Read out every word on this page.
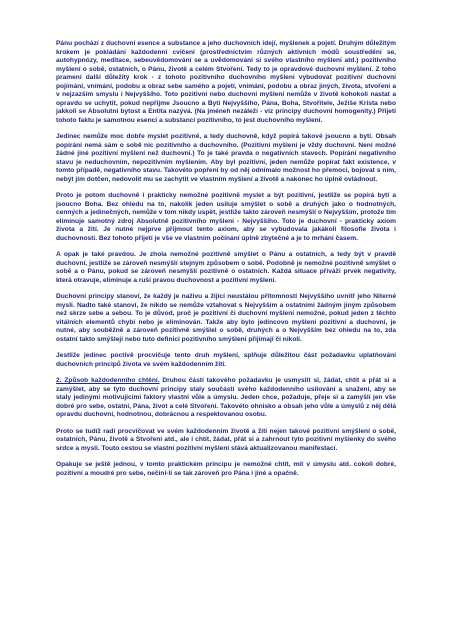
Pánu pochází z duchovní esence a substance a jeho duchovních idejí, myšlenek a pojetí. Druhým důležitým krokem je pokládání každodenní cvičení (prostřednictvím různých aktivních módů soustředění se, autohypnózy, meditace, sebeuvědomování se a uvědomování si svého vlastního myšlení atd.) pozitivního myšlení o sobě, ostatních, o Pánu, životě a celém Stvoření. Tedy to je opravdové duchovní myšlení. Z toho pramení další důležitý krok - z tohoto pozitivního duchovního myšlení vybudovat pozitivní duchovní pojímání, vnímání, podobu a obraz sebe samého a pojetí, vnímání, podobu a obraz jiných, života, stvoření a v nejzazším smyslu i Nejvyššího. Toto pozitivní nebo duchovní myšlení nemůže v životě kohokoli nastat a opravdu se uchytit, pokud nepřijme Jsoucno a Bytí Nejvyššího, Pána, Boha, Stvořitele, Ježíše Krista nebo jakkoli se Absolutní bytost a Entita nazývá. (Na jméneh nezáleží - viz principy duchovní homogenity.) Přijetí tohoto faktu je samotnou esencí a substancí pozitivního, to jest duchovního myšlení.

Jedinec nemůže moc dobře myslet pozitivně, a tedy duchovně, když popírá takové jsoucno a bytí. Obsah popírání nemá sám o sobě nic pozitivního a duchovního. (Pozitivní myšlení je vždy duchovní. Není možné žádné jiné pozitivní myšlení než duchovní.) To je také pravda o negativních stavech. Popírání negativního stavu je neduchovním, nepozitivním myšlením. Aby byl pozitivní, jeden nemůže popírat fakt existence, v tomto případě, negativního stavu. Takovéto popření by od něj odnímalo možnost ho přemoci, bojovat s ním, nebýt jím dotčen, nedovolit mu se zachytit ve vlastním myšlení a životě a nakonec ho úplně ovládnout.

Proto je potom duchovně i prakticky nemožné pozitivně myslet a být pozitivní, jestliže se popírá bytí a jsoucno Boha. Bez ohledu na to, nakolik jeden usiluje smýšlet o sobě a druhých jako o hodnotných, cenných a jedinečných, nemůže v tom nikdy uspět, jestliže takto zároveň nesmýšlí o Nejvyšším, protože tím eliminuje samotný zdroj Absolutně pozitivního myšlení - Nejvyššího. Toto je duchovní - prakticky axiom života a žití. Je nutné nejprve přijmout tento axiom, aby se vybudovala jakákoli filosofie života i duchovnosti. Bez tohoto přijetí je vše ve vlastním počínání úplně zbytečné a je to mrhání časem.

A opak je také pravdou. Je zhola nemožné pozitivně smýšlet o Pánu a ostatních, a tedy být v pravdě duchovní, jestliže se zároveň nesmýšlí stejným způsobem o sobě. Podobně je nemožné pozitivně smýšlet o sobě a o Pánu, pokud se zároveň nesmýšlí pozitivně o ostatních. Každá situace příváží prvek negativity, která otravuje, eliminuje a ruší pravou duchovnost a pozitivní myšlení.

Duchovní principy stanoví, že každý je naživu a žijící neustálou přítomností Nejvyššího uvnitř jeho Niterné mysli. Nadto také stanoví, že nikdo se nemůže vztahovat s Nejvyšším a ostatními žádným jiným způsobem než skrze sebe a sebou. To je důvod, proč je pozitivní či duchovní myšlení nemožné, pokud jeden z těchto vitálních elementů chybí nebo je eliminován. Takže aby bylo jedincovo myšlení pozitivní a duchovní, je nutné, aby souběžně a zároveň pozitivně smýšlel o sobě, druhých a o Nejvyšším bez ohledu na to, zda ostatní takto smýšlejí nebo tuto definici pozitivního smýšlení přijímají či nikoli.

Jestliže jedinec poctivě procvičuje tento druh myšlení, splňuje důležitou část požadavku uplatňování duchovních principů života ve svém každodenním žití.

2. Způsob každodenního chtění. Druhou částí takového požadavku je usmyslit si, žádat, chtít a přát si a zamýšlet, aby se tyto duchovní principy staly součástí svého každodenního usilování a snažení, aby se staly jedinými motivujícími faktory vlastní vůle a úmyslu. Jeden chce, požaduje, přeje si a zamýšlí jen vše dobré pro sebe, ostatní, Pána, život a celé Stvoření. Takovéto ohnisko a obsah jeho vůle a úmyslů z něj dělá opravdu duchovní, hodnotnou, dobrácnou a respektovanou osobu.

Proto se tudíž radí procvičovat ve svém každodenním životě a žití nejen takové pozitivní smýšlení o sobě, ostatních, Pánu, životě a Stvoření atd., ale i chtít, žádat, přát si a zahrnout tyto pozitivní myšlenky do svého srdce a mysli. Touto cestou se vlastní pozitivní myšlení stává aktualizovanou manifestací.

Opakuje se ještě jednou, v tomto praktickém principu je nemožné chtít, mít v úmyslu atd. cokoli dobré, pozitivní a moudré pro sebe, nečiní-li se tak zároveň pro Pána i jiné a opačně.
